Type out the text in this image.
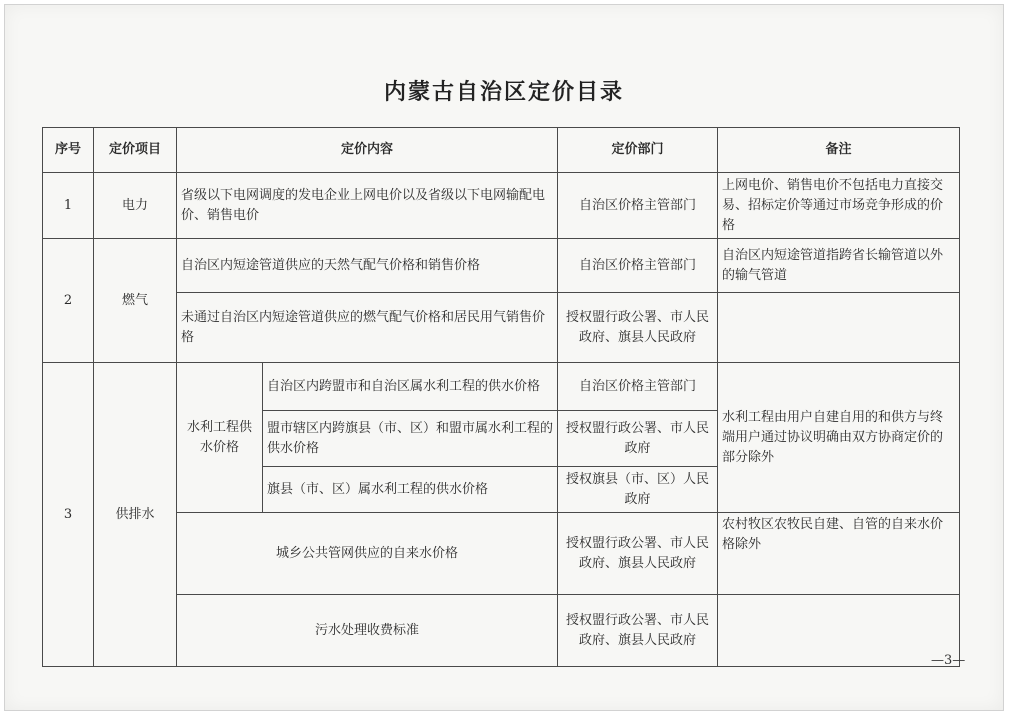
内蒙古自治区定价目录
序号	定价项目	定价内容		定价部门	备注
1	电力	省级以下电网调度的发电企业上网电价以及省级以下电网输配电价、销售电价		自治区价格主管部门	上网电价、销售电价不包括电力直接交易、招标定价等通过市场竞争形成的价格
2	燃气	自治区内短途管道供应的天然气配气价格和销售价格		自治区价格主管部门	自治区内短途管道指跨省长输管道以外的输气管道
		未通过自治区内短途管道供应的燃气配气价格和居民用气销售价格		授权盟行政公署、市人民政府、旗县人民政府	
3	供排水	水利工程供水价格	自治区内跨盟市和自治区属水利工程的供水价格	自治区价格主管部门	水利工程由用户自建自用的和供方与终端用户通过协议明确由双方协商定价的部分除外
			盟市辖区内跨旗县（市、区）和盟市属水利工程的供水价格	授权盟行政公署、市人民政府	
			旗县（市、区）属水利工程的供水价格	授权旗县（市、区）人民政府	
		城乡公共管网供应的自来水价格		授权盟行政公署、市人民政府、旗县人民政府	农村牧区农牧民自建、自管的自来水价格除外
		污水处理收费标准		授权盟行政公署、市人民政府、旗县人民政府	
—3—
